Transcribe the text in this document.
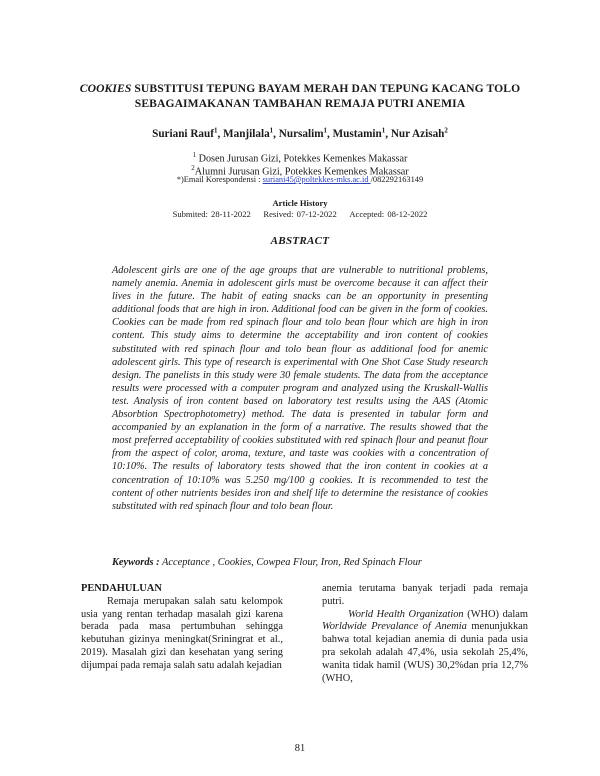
COOKIES SUBSTITUSI TEPUNG BAYAM MERAH DAN TEPUNG KACANG TOLO
SEBAGAIMAKANAN TAMBAHAN REMAJA PUTRI ANEMIA
Suriani Rauf$^1$, Manjilala$^1$, Nursalim$^1$, Mustamin$^1$, Nur Azisah$^2$
$^1$ Dosen Jurusan Gizi, Potekkes Kemenkes Makassar
$^2$Alumni Jurusan Gizi, Potekkes Kemenkes Makassar
*)Email Korespondensi : suriani45@poltekkes-mks.ac.id /082292163149
Article History
Submited: 28-11-2022 Resived: 07-12-2022 Accepted: 08-12-2022
ABSTRACT
Adolescent girls are one of the age groups that are vulnerable to nutritional problems, namely anemia. Anemia in adolescent girls must be overcome because it can affect their lives in the future. The habit of eating snacks can be an opportunity in presenting additional foods that are high in iron. Additional food can be given in the form of cookies. Cookies can be made from red spinach flour and tolo bean flour which are high in iron content. This study aims to determine the acceptability and iron content of cookies substituted with red spinach flour and tolo bean flour as additional food for anemic adolescent girls. This type of research is experimental with One Shot Case Study research design. The panelists in this study were 30 female students. The data from the acceptance results were processed with a computer program and analyzed using the Kruskall-Wallis test. Analysis of iron content based on laboratory test results using the AAS (Atomic Absorbtion Spectrophotometry) method. The data is presented in tabular form and accompanied by an explanation in the form of a narrative. The results showed that the most preferred acceptability of cookies substituted with red spinach flour and peanut flour from the aspect of color, aroma, texture, and taste was cookies with a concentration of 10:10%. The results of laboratory tests showed that the iron content in cookies at a concentration of 10:10% was 5.250 mg/100 g cookies. It is recommended to test the content of other nutrients besides iron and shelf life to determine the resistance of cookies substituted with red spinach flour and tolo bean flour.
Keywords : Acceptance , Cookies, Cowpea Flour, Iron, Red Spinach Flour

PENDAHULUAN

Remaja merupakan salah satu kelompok usia yang rentan terhadap masalah gizi karena berada pada masa pertumbuhan sehingga kebutuhan gizinya meningkat(Sriningrat et al., 2019). Masalah gizi dan kesehatan yang sering dijumpai pada remaja salah satu adalah kejadian

anemia terutama banyak terjadi pada remaja putri.

World Health Organization (WHO) dalam Worldwide Prevalance of Anemia menunjukkan bahwa total kejadian anemia di dunia pada usia pra sekolah adalah 47,4%, usia sekolah 25,4%, wanita tidak hamil (WUS) 30,2%dan pria 12,7% (WHO,

81
